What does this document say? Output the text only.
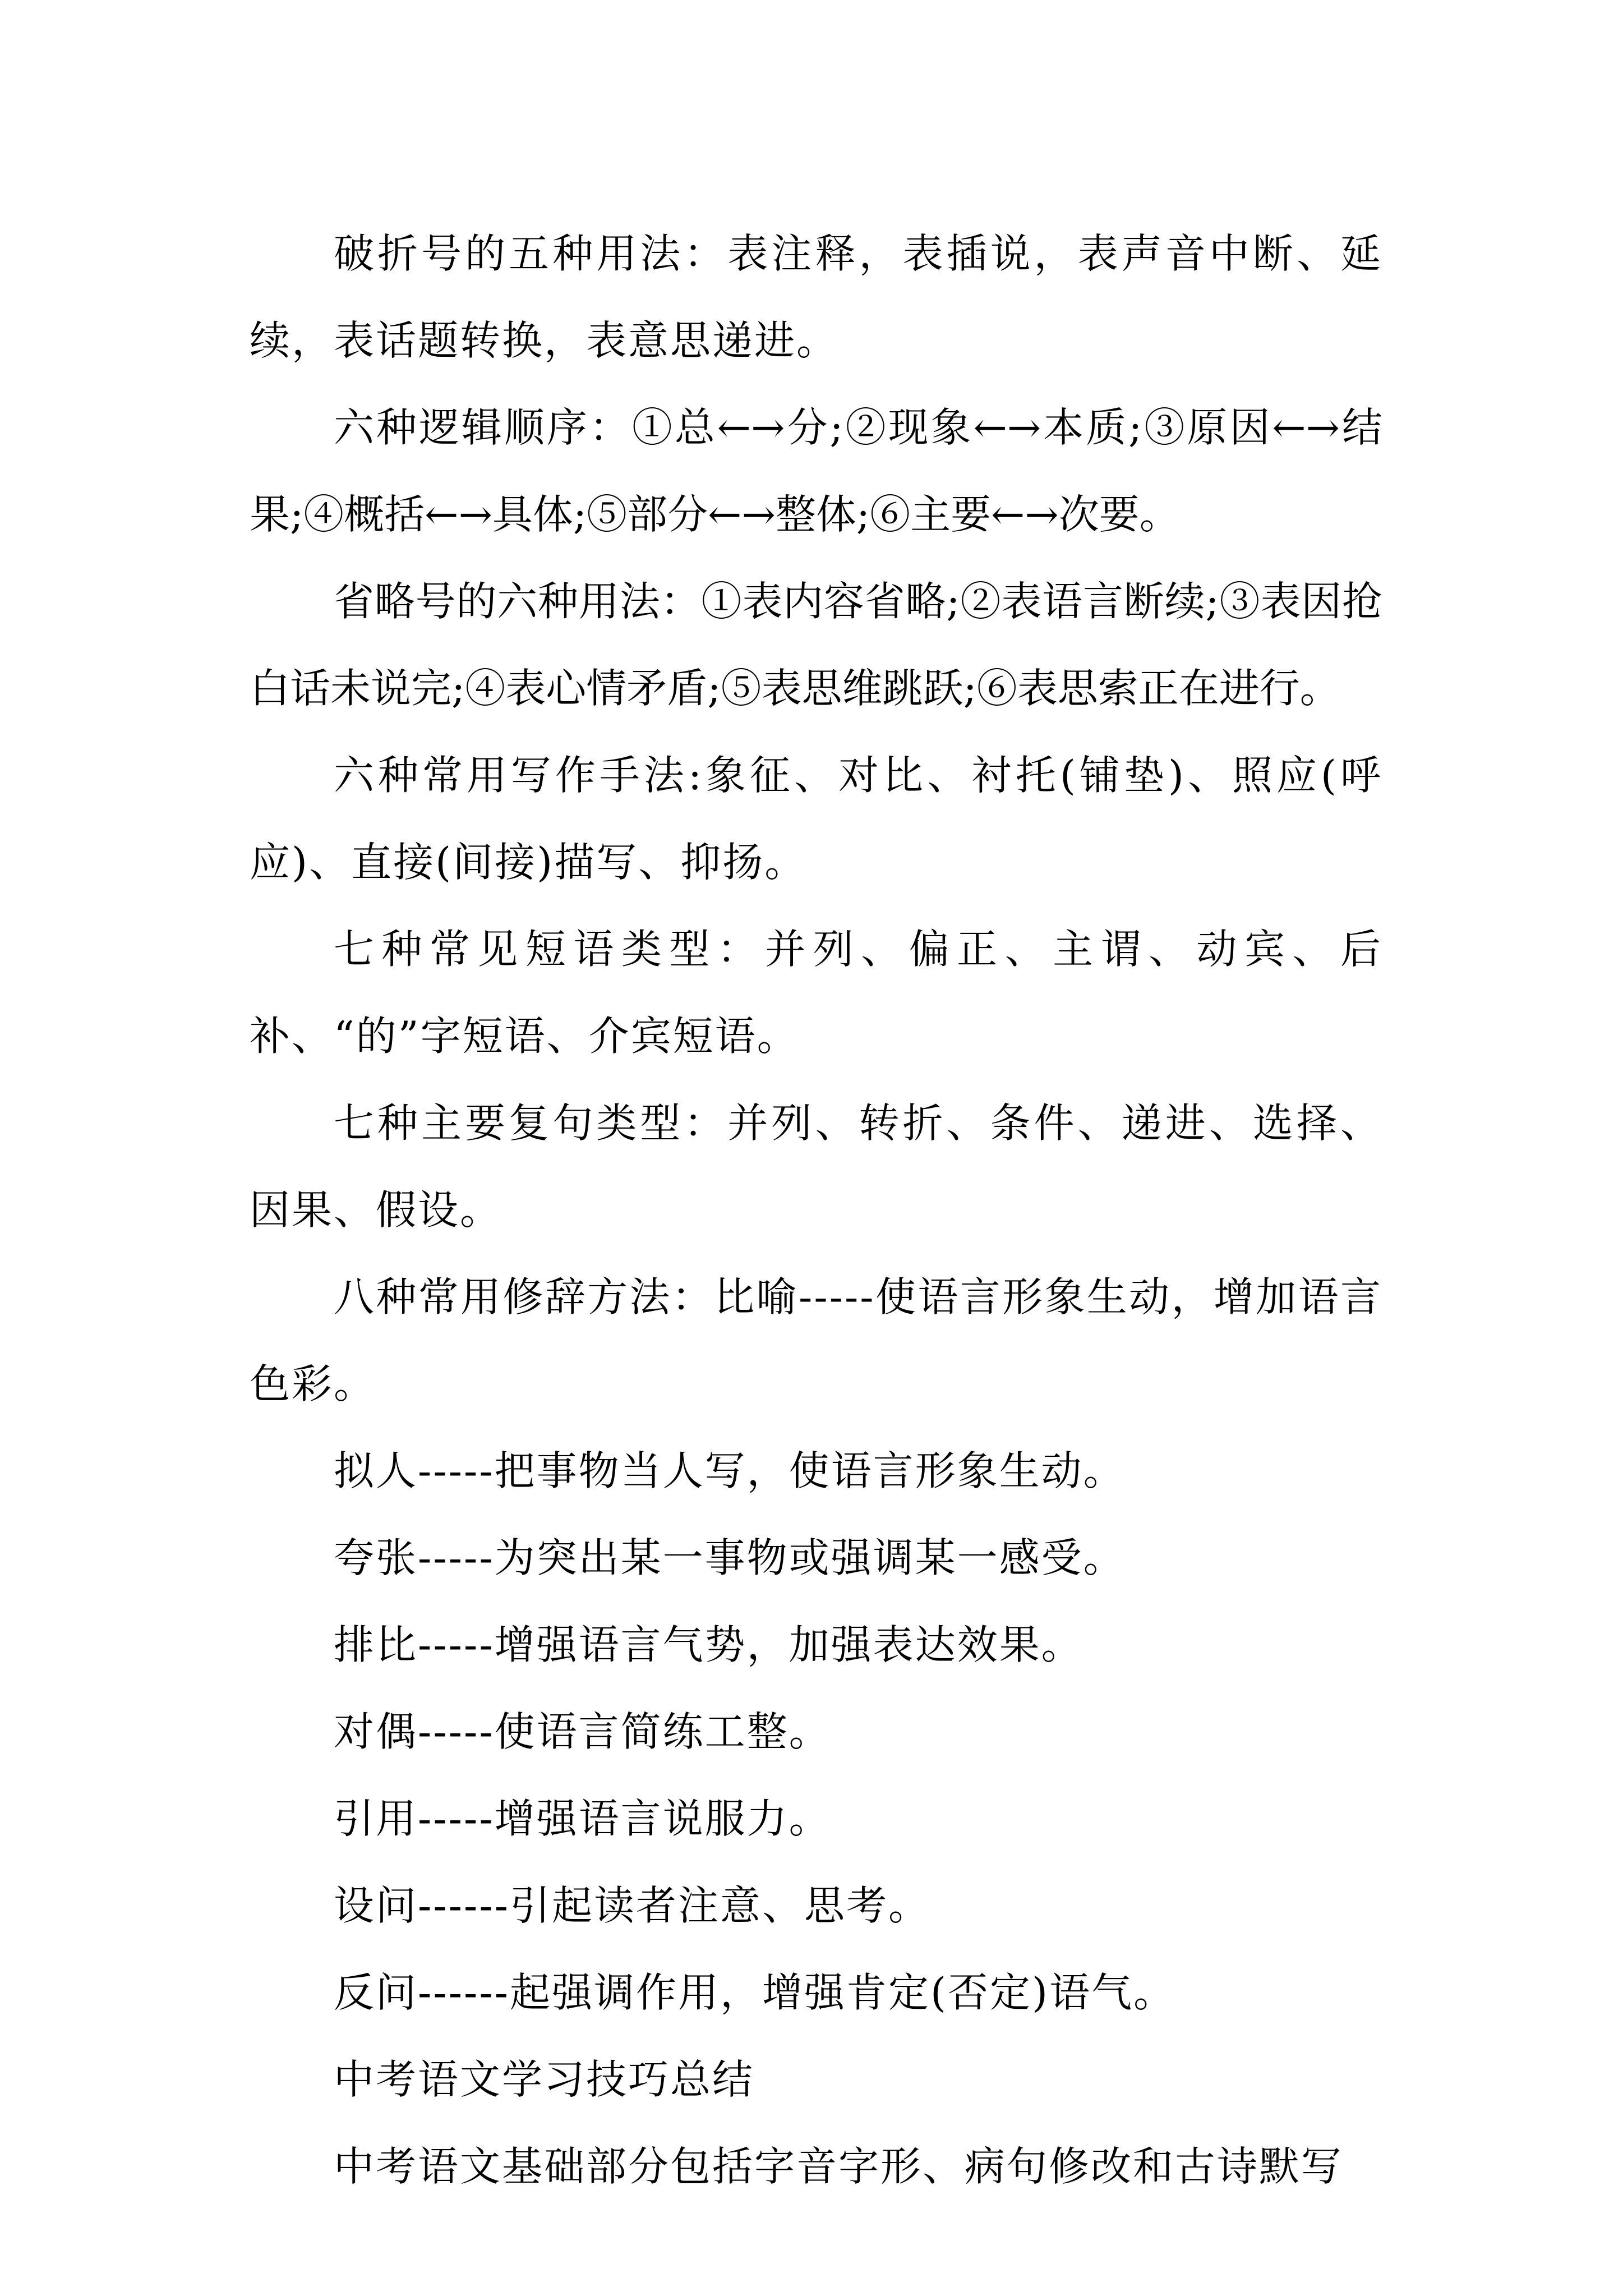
破折号的五种用法：表注释，表插说，表声音中断、延续，表话题转换，表意思递进。

六种逻辑顺序：①总←→分;②现象←→本质;③原因←→结果;④概括←→具体;⑤部分←→整体;⑥主要←→次要。

省略号的六种用法：①表内容省略;②表语言断续;③表因抢白话未说完;④表心情矛盾;⑤表思维跳跃;⑥表思索正在进行。

六种常用写作手法:象征、对比、衬托(铺垫)、照应(呼应)、直接(间接)描写、抑扬。

七种常见短语类型：并列、偏正、主谓、动宾、后补、“的”字短语、介宾短语。

七种主要复句类型：并列、转折、条件、递进、选择、因果、假设。

八种常用修辞方法：比喻-----使语言形象生动，增加语言色彩。

拟人-----把事物当人写，使语言形象生动。

夸张-----为突出某一事物或强调某一感受。

排比-----增强语言气势，加强表达效果。

对偶-----使语言简练工整。

引用-----增强语言说服力。

设问------引起读者注意、思考。

反问------起强调作用，增强肯定(否定)语气。

中考语文学习技巧总结

中考语文基础部分包括字音字形、病句修改和古诗默写
